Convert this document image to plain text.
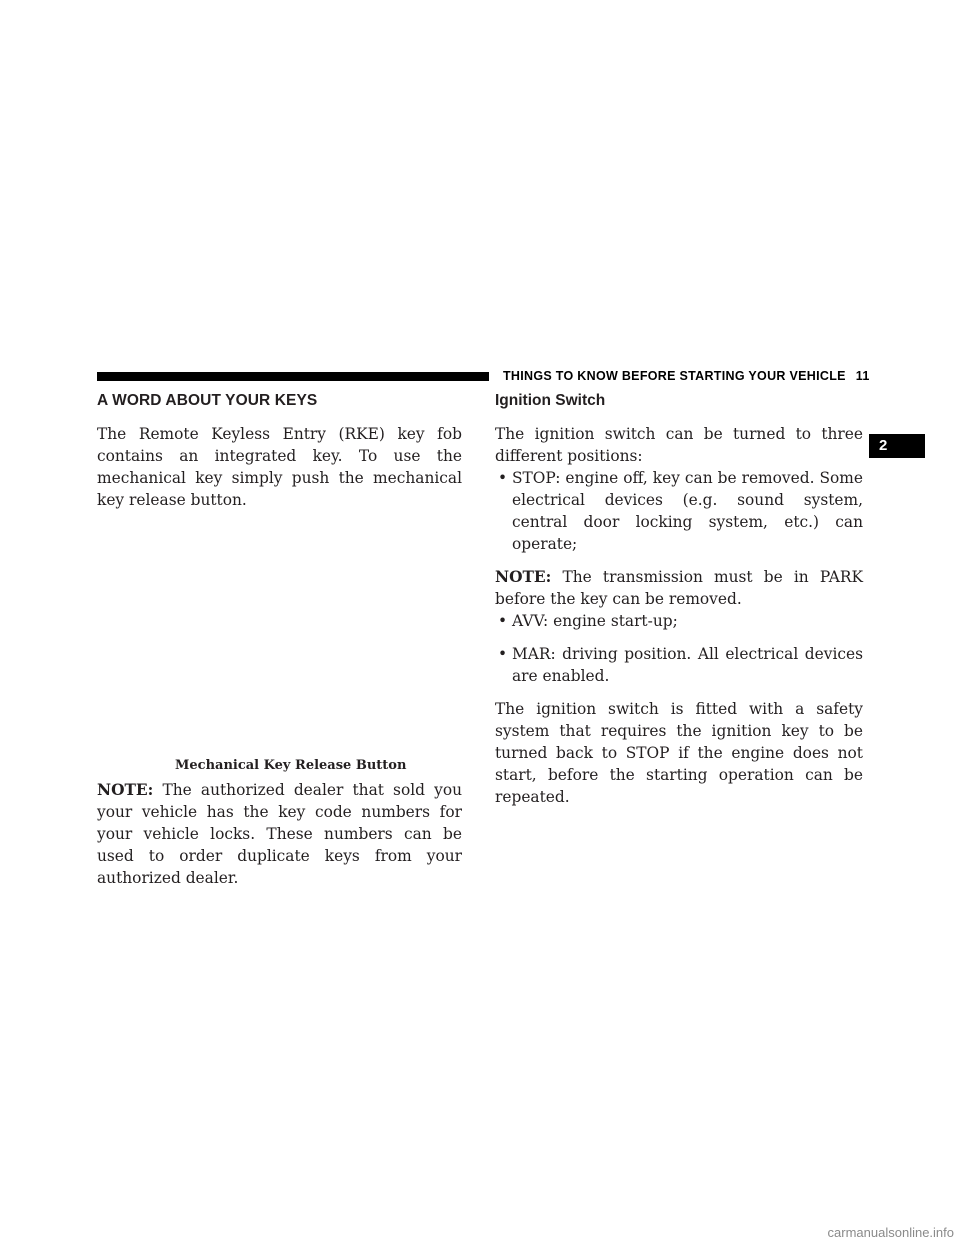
THINGS TO KNOW BEFORE STARTING YOUR VEHICLE 11
2
A WORD ABOUT YOUR KEYS

The Remote Keyless Entry (RKE) key fob contains an integrated key. To use the mechanical key simply push the mechanical key release button.

Mechanical Key Release Button

NOTE: The authorized dealer that sold you your vehicle has the key code numbers for your vehicle locks. These numbers can be used to order duplicate keys from your authorized dealer.

Ignition Switch

The ignition switch can be turned to three different positions:

• STOP: engine off, key can be removed. Some electrical devices (e.g. sound system, central door locking system, etc.) can operate;

NOTE: The transmission must be in PARK before the key can be removed.

• AVV: engine start-up;
• MAR: driving position. All electrical devices are enabled.

The ignition switch is fitted with a safety system that requires the ignition key to be turned back to STOP if the engine does not start, before the starting operation can be repeated.

carmanualsonline.info
